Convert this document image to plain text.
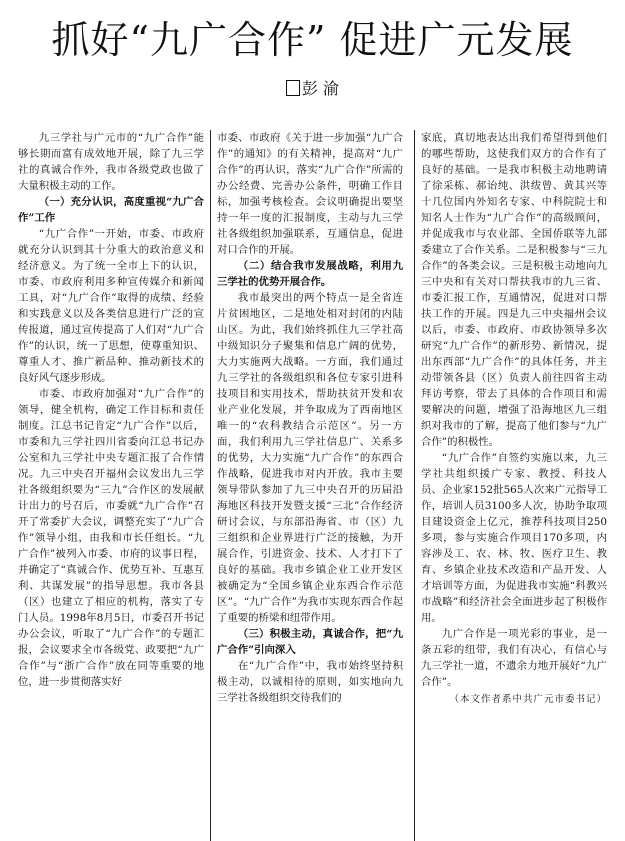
抓好“九广合作” 促进广元发展
彭 渝

九三学社与广元市的“九广合作”能够长期而富有成效地开展，除了九三学社的真诚合作外，我市各级党政也做了大量积极主动的工作。

（一）充分认识，高度重视“九广合作”工作

“九广合作”一开始，市委、市政府就充分认识到其十分重大的政治意义和经济意义。为了统一全市上下的认识，市委、市政府利用多种宣传媒介和新闻工具，对“九广合作”取得的成绩、经验和实践意义以及各类信息进行广泛的宣传报道，通过宣传提高了人们对“九广合作”的认识，统一了思想，使尊重知识、尊重人才、推广新品种、推动新技术的良好风气逐步形成。

市委、市政府加强对“九广合作”的领导，健全机构，确定工作目标和责任制度。江总书记肯定“九广合作”以后，市委和九三学社四川省委向江总书记办公室和九三学社中央专题汇报了合作情况。九三中央召开福州会议发出九三学社各级组织要为“三九”合作区的发展献计出力的号召后，市委就“九广合作”召开了常委扩大会议，调整充实了“九广合作”领导小组，由我和市长任组长。“九广合作”被列入市委、市府的议事日程，并确定了“真诚合作、优势互补、互惠互利、共谋发展”的指导思想。我市各县（区）也建立了相应的机构，落实了专门人员。1998年8月5日，市委召开书记办公会议，听取了“九广合作”的专题汇报，会议要求全市各级党、政要把“九广合作”与“浙广合作”放在同等重要的地位，进一步贯彻落实好

市委、市政府《关于进一步加强“九广合作”的通知》的有关精神，提高对“九广合作”的再认识，落实“九广合作”所需的办公经费、完善办公条件，明确工作目标，加强考核检查。会议明确提出要坚持一年一度的汇报制度，主动与九三学社各级组织加强联系，互通信息，促进对口合作的开展。

（二）结合我市发展战略，利用九三学社的优势开展合作。

我市最突出的两个特点一是全省连片贫困地区，二是地处相对封闭的内陆山区。为此，我们始终抓住九三学社高中级知识分子聚集和信息广阔的优势，大力实施两大战略。一方面，我们通过九三学社的各级组织和各位专家引进科技项目和实用技术，帮助扶贫开发和农业产业化发展，并争取成为了西南地区唯一的“农科教结合示范区”。另一方面，我们利用九三学社信息广、关系多的优势，大力实施“九广合作”的东西合作战略，促进我市对内开放。我市主要领导带队参加了九三中央召开的历届沿海地区科技开发暨支援“三北”合作经济研讨会议，与东部沿海省、市（区）九三组织和企业界进行广泛的接触，为开展合作，引进资金、技术、人才打下了良好的基础。我市乡镇企业工业开发区被确定为“全国乡镇企业东西合作示范区”。“九广合作”为我市实现东西合作起了重要的桥梁和纽带作用。

（三）积极主动，真诚合作，把“九广合作”引向深入

在“九广合作”中，我市始终坚持积极主动，以诚相待的原则，如实地向九三学社各级组织交待我们的

家底，真切地表达出我们希望得到他们的哪些帮助，这使我们双方的合作有了良好的基础。一是我市积极主动地聘请了徐采栋、郝诒纯、洪绂曾、黄其兴等十几位国内外知名专家、中科院院士和知名人士作为“九广合作”的高级顾问，并促成我市与农业部、全国侨联等九部委建立了合作关系。二是积极参与“三九合作”的各类会议。三是积极主动地向九三中央和有关对口帮扶我市的九三省、市委汇报工作，互通情况，促进对口帮扶工作的开展。四是九三中央福州会议以后，市委、市政府、市政协领导多次研究“九广合作”的新形势、新情况，提出东西部“九广合作”的具体任务，并主动带领各县（区）负责人前往四省主动拜访考察，带去了具体的合作项目和需要解决的问题，增强了沿海地区九三组织对我市的了解，提高了他们参与“九广合作”的积极性。

“九广合作”自签约实施以来，九三学社共组织援广专家、教授、科技人员、企业家152批565人次来广元指导工作，培训人员3100多人次，协助争取项目建设资金上亿元，推荐科技项目250多项，参与实施合作项目170多项，内容涉及工、农、林、牧、医疗卫生、教育、乡镇企业技术改造和产品开发、人才培训等方面，为促进我市实施“科教兴市战略”和经济社会全面进步起了积极作用。

九广合作是一项光彩的事业，是一条五彩的纽带，我们有决心，有信心与九三学社一道，不遗余力地开展好“九广合作”。

（本文作者系中共广元市委书记）
